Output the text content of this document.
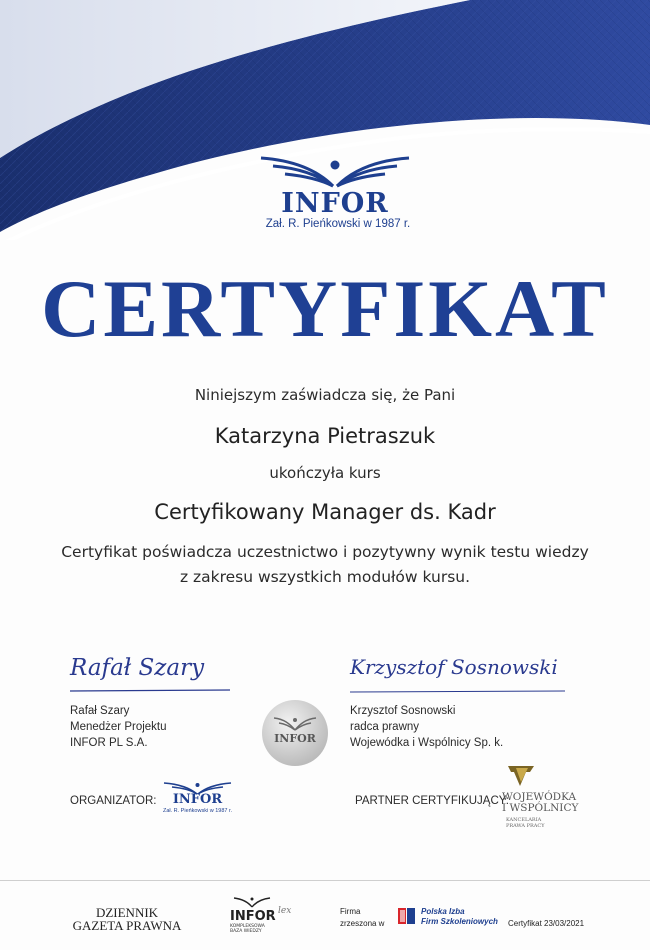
INFOR
Zał. R. Pieńkowski w 1987 r.
CERTYFIKAT
Niniejszym zaświadcza się, że Pani
Katarzyna Pietraszuk
ukończyła kurs
Certyfikowany Manager ds. Kadr
Certyfikat poświadcza uczestnictwo i pozytywny wynik testu wiedzy
z zakresu wszystkich modułów kursu.
Rafał Szary
Rafał Szary
Menedżer Projektu
INFOR PL S.A.	INFOR
Krzysztof Sosnowski
Krzysztof Sosnowski
radca prawny
Wojewódka i Wspólnicy Sp. k.
ORGANIZATOR:	INFOR
Zał. R. Pieńkowski w 1987 r.
PARTNER CERTYFIKUJĄCY:
WOJEWÓDKA
I WSPÓLNICY
KANCELARIA
PRAWA PRACY
DZIENNIK
GAZETA PRAWNA
INFOR lex
KOMPLEKSOWA
BAZA WIEDZY
Firma
zrzeszona w
Polska Izba
Firm Szkoleniowych Certyfikat 23/03/2021
